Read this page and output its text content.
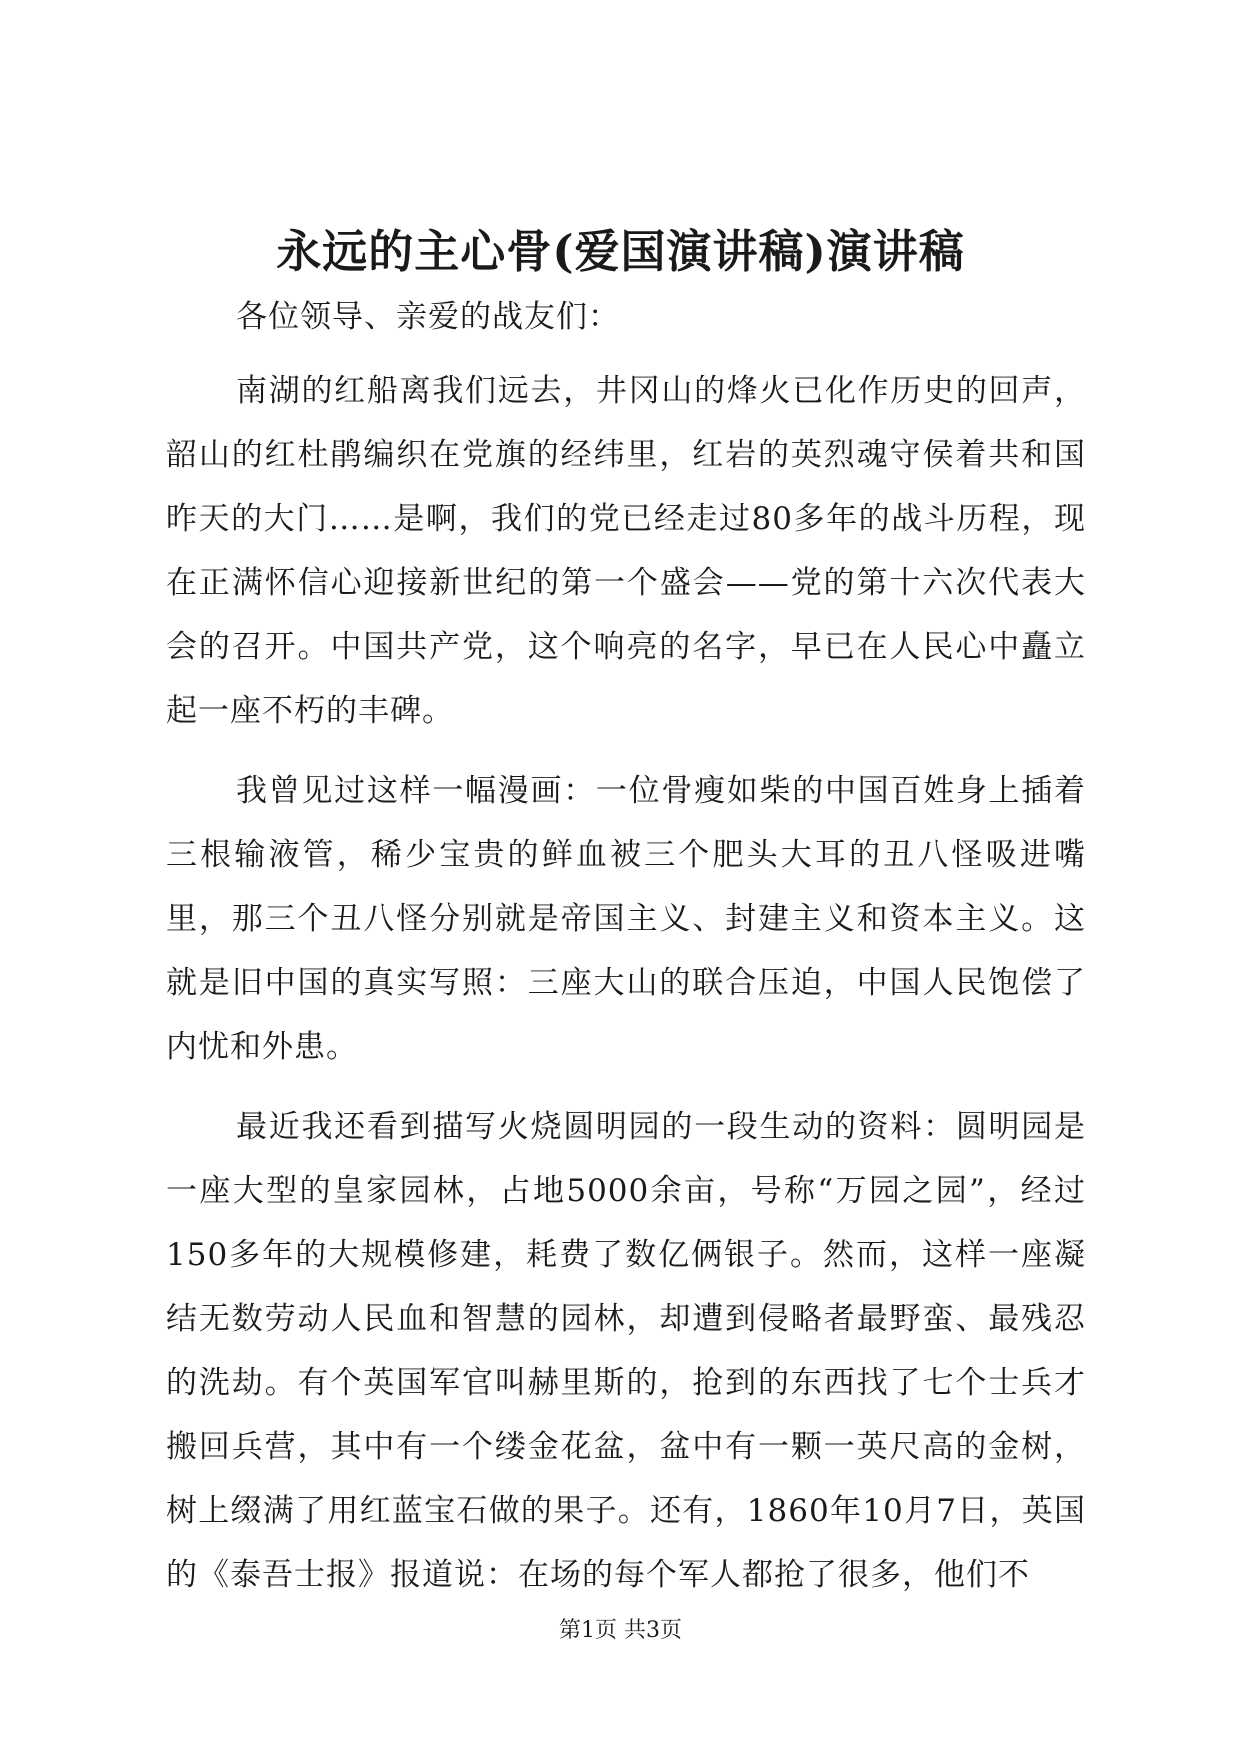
永远的主心骨(爱国演讲稿)演讲稿

各位领导、亲爱的战友们：

南湖的红船离我们远去，井冈山的烽火已化作历史的回声，韶山的红杜鹃编织在党旗的经纬里，红岩的英烈魂守侯着共和国昨天的大门……是啊，我们的党已经走过80多年的战斗历程，现在正满怀信心迎接新世纪的第一个盛会——党的第十六次代表大会的召开。中国共产党，这个响亮的名字，早已在人民心中矗立起一座不朽的丰碑。

我曾见过这样一幅漫画：一位骨瘦如柴的中国百姓身上插着三根输液管，稀少宝贵的鲜血被三个肥头大耳的丑八怪吸进嘴里，那三个丑八怪分别就是帝国主义、封建主义和资本主义。这就是旧中国的真实写照：三座大山的联合压迫，中国人民饱偿了内忧和外患。

最近我还看到描写火烧圆明园的一段生动的资料：圆明园是一座大型的皇家园林，占地5000余亩，号称“万园之园”，经过150多年的大规模修建，耗费了数亿俩银子。然而，这样一座凝结无数劳动人民血和智慧的园林，却遭到侵略者最野蛮、最残忍的洗劫。有个英国军官叫赫里斯的，抢到的东西找了七个士兵才搬回兵营，其中有一个缕金花盆，盆中有一颗一英尺高的金树，树上缀满了用红蓝宝石做的果子。还有，1860年10月7日，英国的《泰吾士报》报道说：在场的每个军人都抢了很多，他们不

第1页 共3页
